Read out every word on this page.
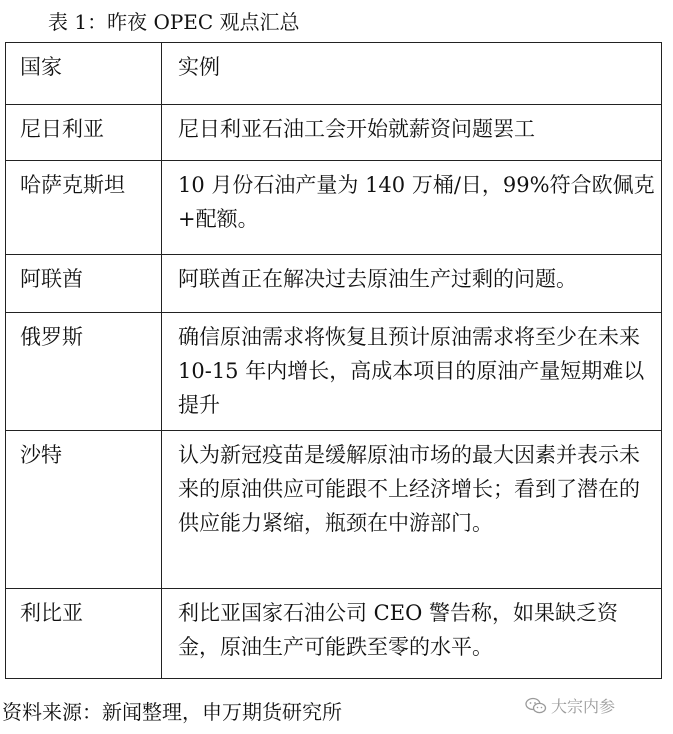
表 1：昨夜 OPEC 观点汇总
国家	实例

尼日利亚	尼日利亚石油工会开始就薪资问题罢工

哈萨克斯坦	10 月份石油产量为 140 万桶/日，99%符合欧佩克+配额。

阿联酋	阿联酋正在解决过去原油生产过剩的问题。

俄罗斯	确信原油需求将恢复且预计原油需求将至少在未来 10-15 年内增长，高成本项目的原油产量短期难以提升

沙特	认为新冠疫苗是缓解原油市场的最大因素并表示未来的原油供应可能跟不上经济增长；看到了潜在的供应能力紧缩，瓶颈在中游部门。

利比亚	利比亚国家石油公司 CEO 警告称，如果缺乏资金，原油生产可能跌至零的水平。
资料来源：新闻整理，申万期货研究所	大宗内参
